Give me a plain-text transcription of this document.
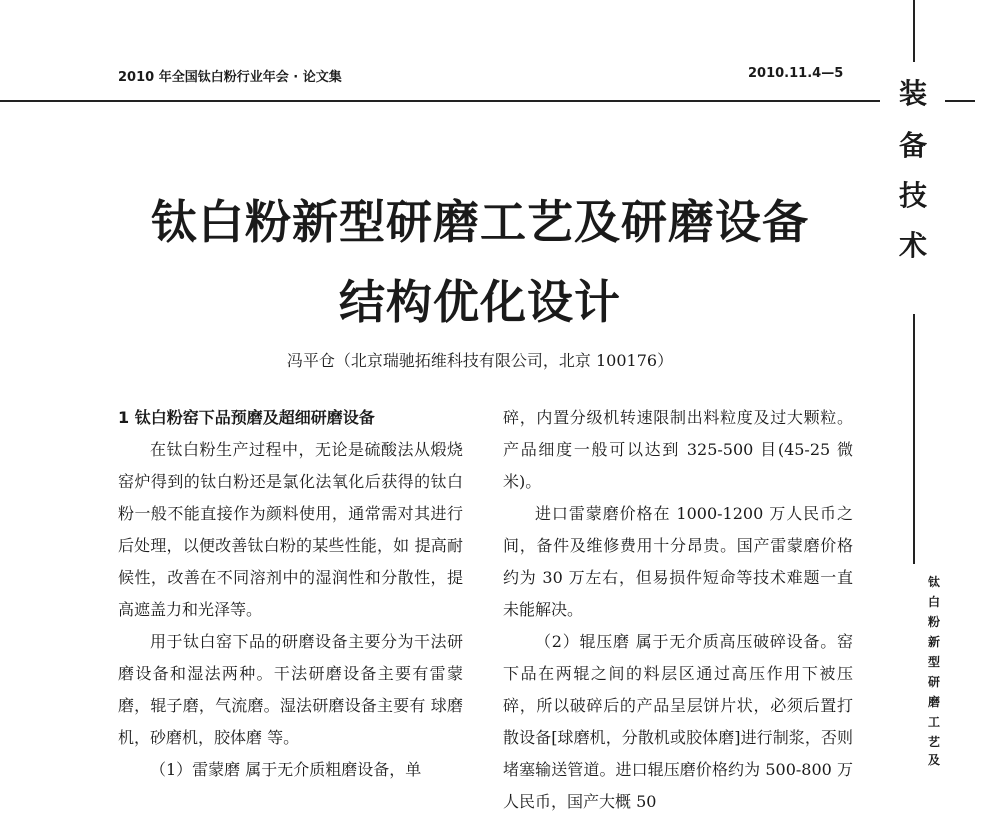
2010 年全国钛白粉行业年会 · 论文集	2010.11.4—5
装
备
技
术
钛
白
粉
新
型
研
磨
工
艺
及
钛白粉新型研磨工艺及研磨设备
结构优化设计
冯平仓（北京瑞驰拓维科技有限公司，北京 100176）

1 钛白粉窑下品预磨及超细研磨设备

在钛白粉生产过程中，无论是硫酸法从煅烧窑炉得到的钛白粉还是氯化法氧化后获得的钛白粉一般不能直接作为颜料使用，通常需对其进行后处理，以便改善钛白粉的某些性能，如 提高耐候性，改善在不同溶剂中的湿润性和分散性，提高遮盖力和光泽等。

用于钛白窑下品的研磨设备主要分为干法研磨设备和湿法两种。干法研磨设备主要有雷蒙磨，辊子磨，气流磨。湿法研磨设备主要有 球磨机，砂磨机，胶体磨 等。

（1）雷蒙磨 属于无介质粗磨设备，单

碎，内置分级机转速限制出料粒度及过大颗粒。产品细度一般可以达到 325-500 目(45-25 微米)。

进口雷蒙磨价格在 1000-1200 万人民币之间，备件及维修费用十分昂贵。国产雷蒙磨价格约为 30 万左右，但易损件短命等技术难题一直未能解决。

（2）辊压磨 属于无介质高压破碎设备。窑下品在两辊之间的料层区通过高压作用下被压碎，所以破碎后的产品呈层饼片状，必须后置打散设备[球磨机，分散机或胶体磨]进行制浆，否则堵塞输送管道。进口辊压磨价格约为 500-800 万人民币，国产大概 50
